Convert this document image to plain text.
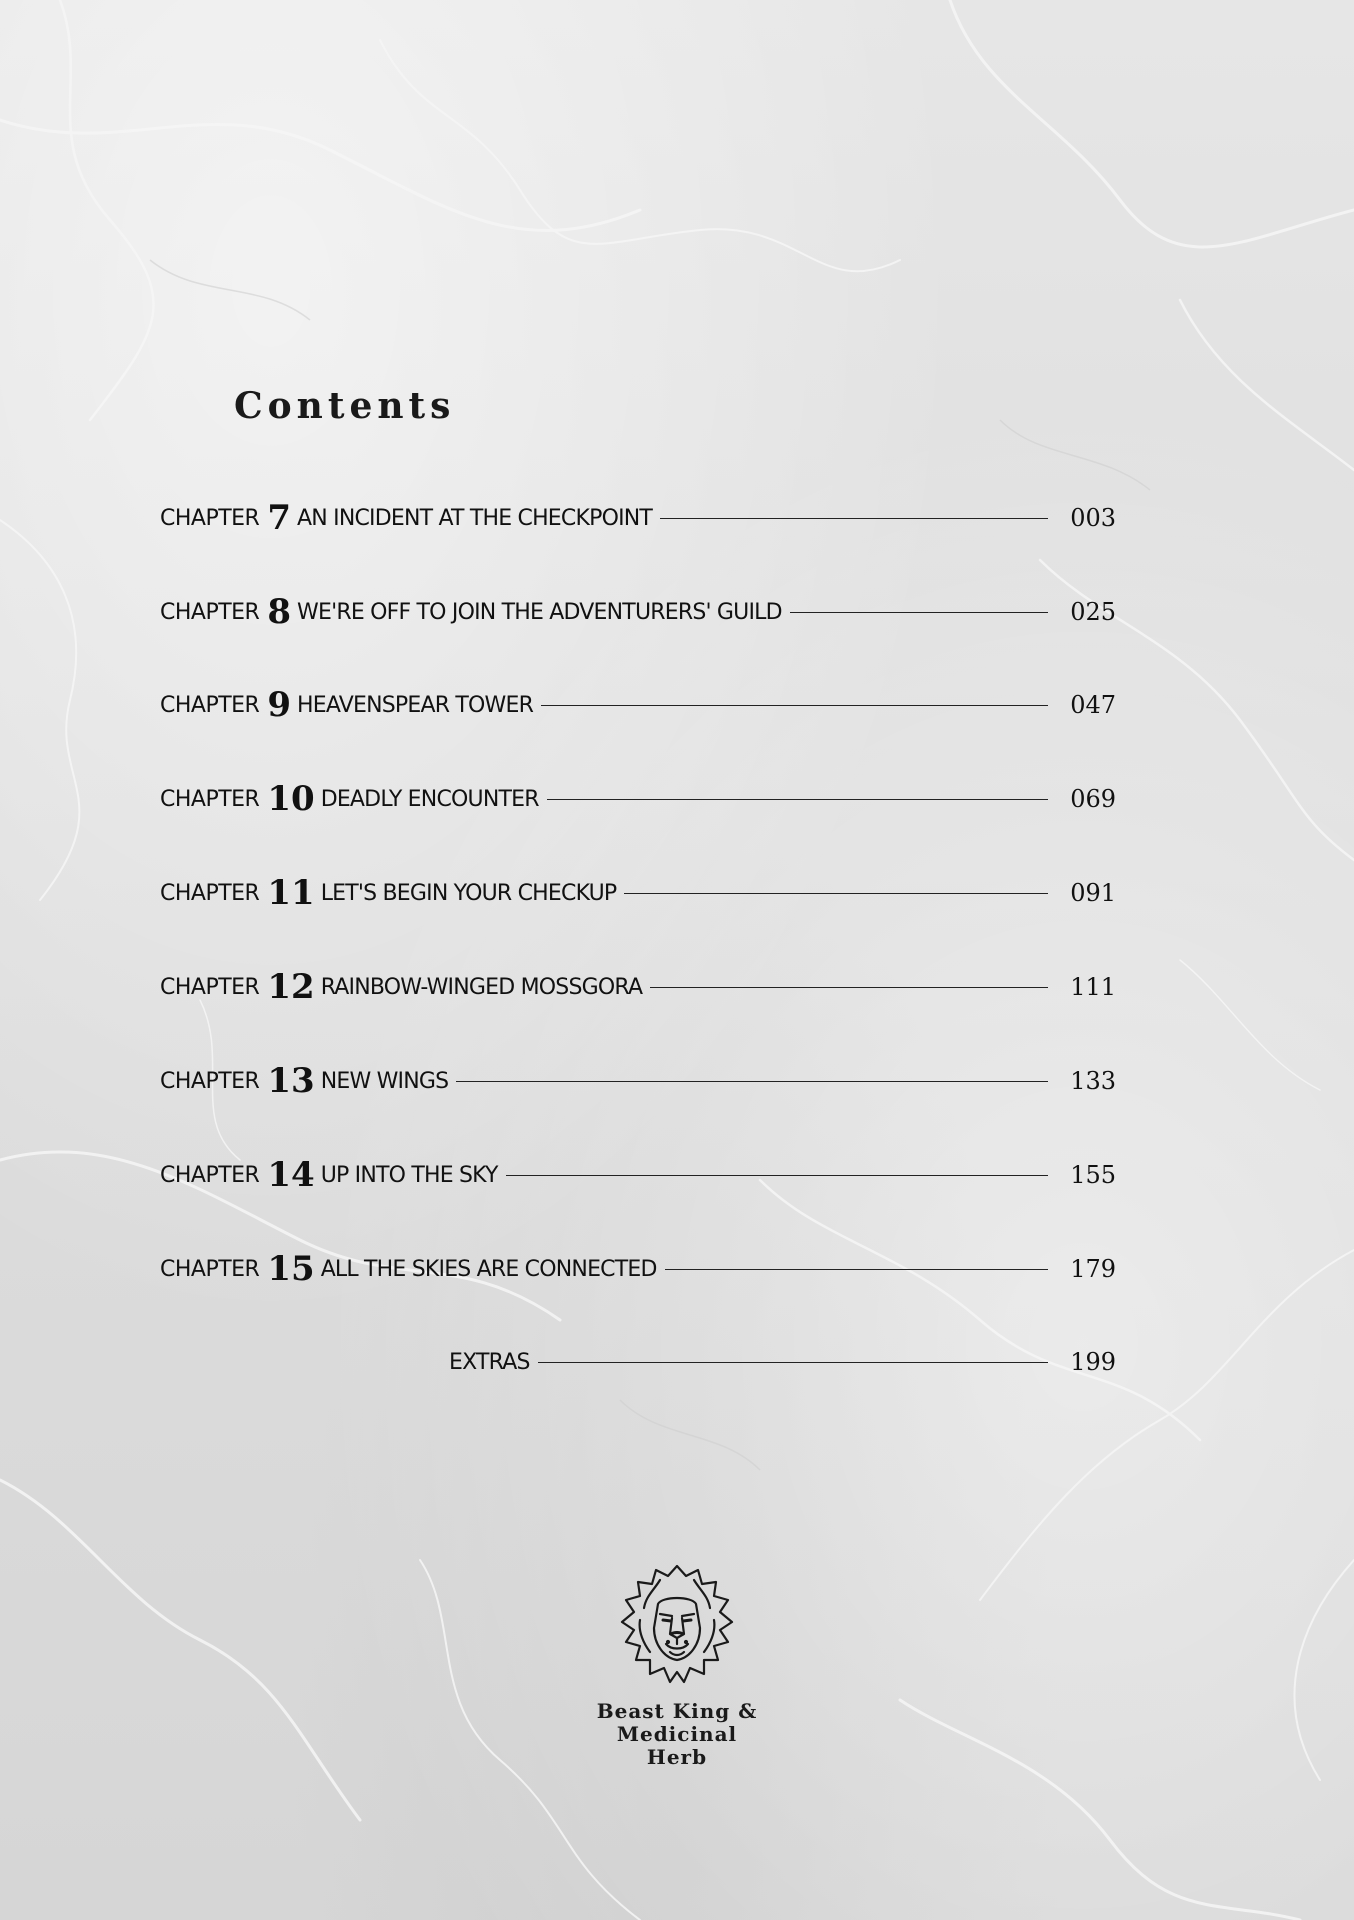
Contents
CHAPTER 7 AN INCIDENT AT THE CHECKPOINT	003
CHAPTER 8 WE'RE OFF TO JOIN THE ADVENTURERS' GUILD	025
CHAPTER 9 HEAVENSPEAR TOWER	047
CHAPTER 10 DEADLY ENCOUNTER	069
CHAPTER 11 LET'S BEGIN YOUR CHECKUP	091
CHAPTER 12 RAINBOW-WINGED MOSSGORA	111
CHAPTER 13 NEW WINGS	133
CHAPTER 14 UP INTO THE SKY	155
CHAPTER 15 ALL THE SKIES ARE CONNECTED	179
EXTRAS	199
Beast King &
Medicinal
Herb
